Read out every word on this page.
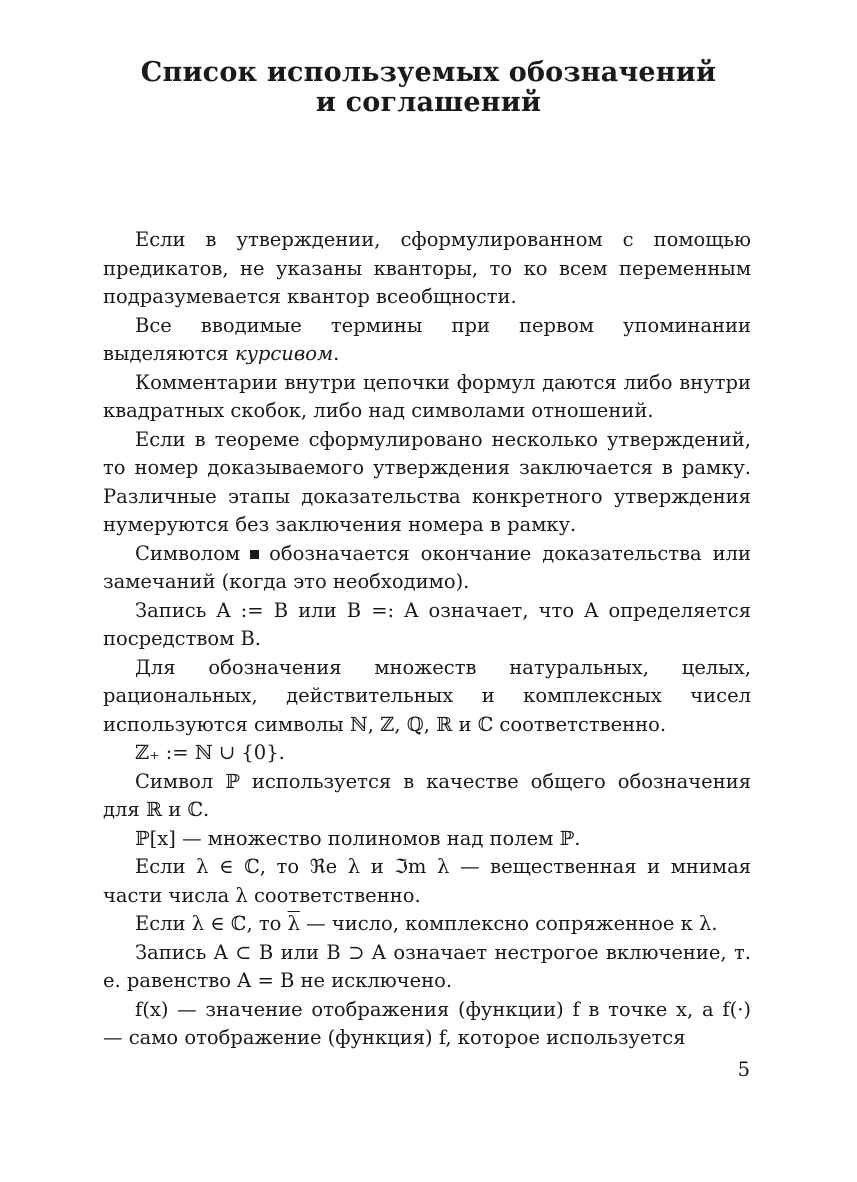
Список используемых обозначений
и соглашений

Если в утверждении, сформулированном с помощью предикатов, не указаны кванторы, то ко всем переменным подразумевается квантор всеобщности.

Все вводимые термины при первом упоминании выделяются курсивом.

Комментарии внутри цепочки формул даются либо внутри квадратных скобок, либо над символами отношений.

Если в теореме сформулировано несколько утверждений, то номер доказываемого утверждения заключается в рамку. Различные этапы доказательства конкретного утверждения нумеруются без заключения номера в рамку.

Символом обозначается окончание доказательства или замечаний (когда это необходимо).

Запись A := B или B =: A означает, что A определяется посредством B.

Для обозначения множеств натуральных, целых, рациональных, действительных и комплексных чисел используются символы ℕ, ℤ, ℚ, ℝ и ℂ соответственно.

ℤ₊ := ℕ ∪ {0}.

Символ ℙ используется в качестве общего обозначения для ℝ и ℂ.

ℙ[x] — множество полиномов над полем ℙ.

Если λ ∈ ℂ, то ℜe λ и ℑm λ — вещественная и мнимая части числа λ соответственно.

Если λ ∈ ℂ, то $\overline{\lambda}$ — число, комплексно сопряженное к λ.

Запись A ⊂ B или B ⊃ A означает нестрогое включение, т. е. равенство A = B не исключено.

f(x) — значение отображения (функции) f в точке x, а f(·) — само отображение (функция) f, которое используется

5
